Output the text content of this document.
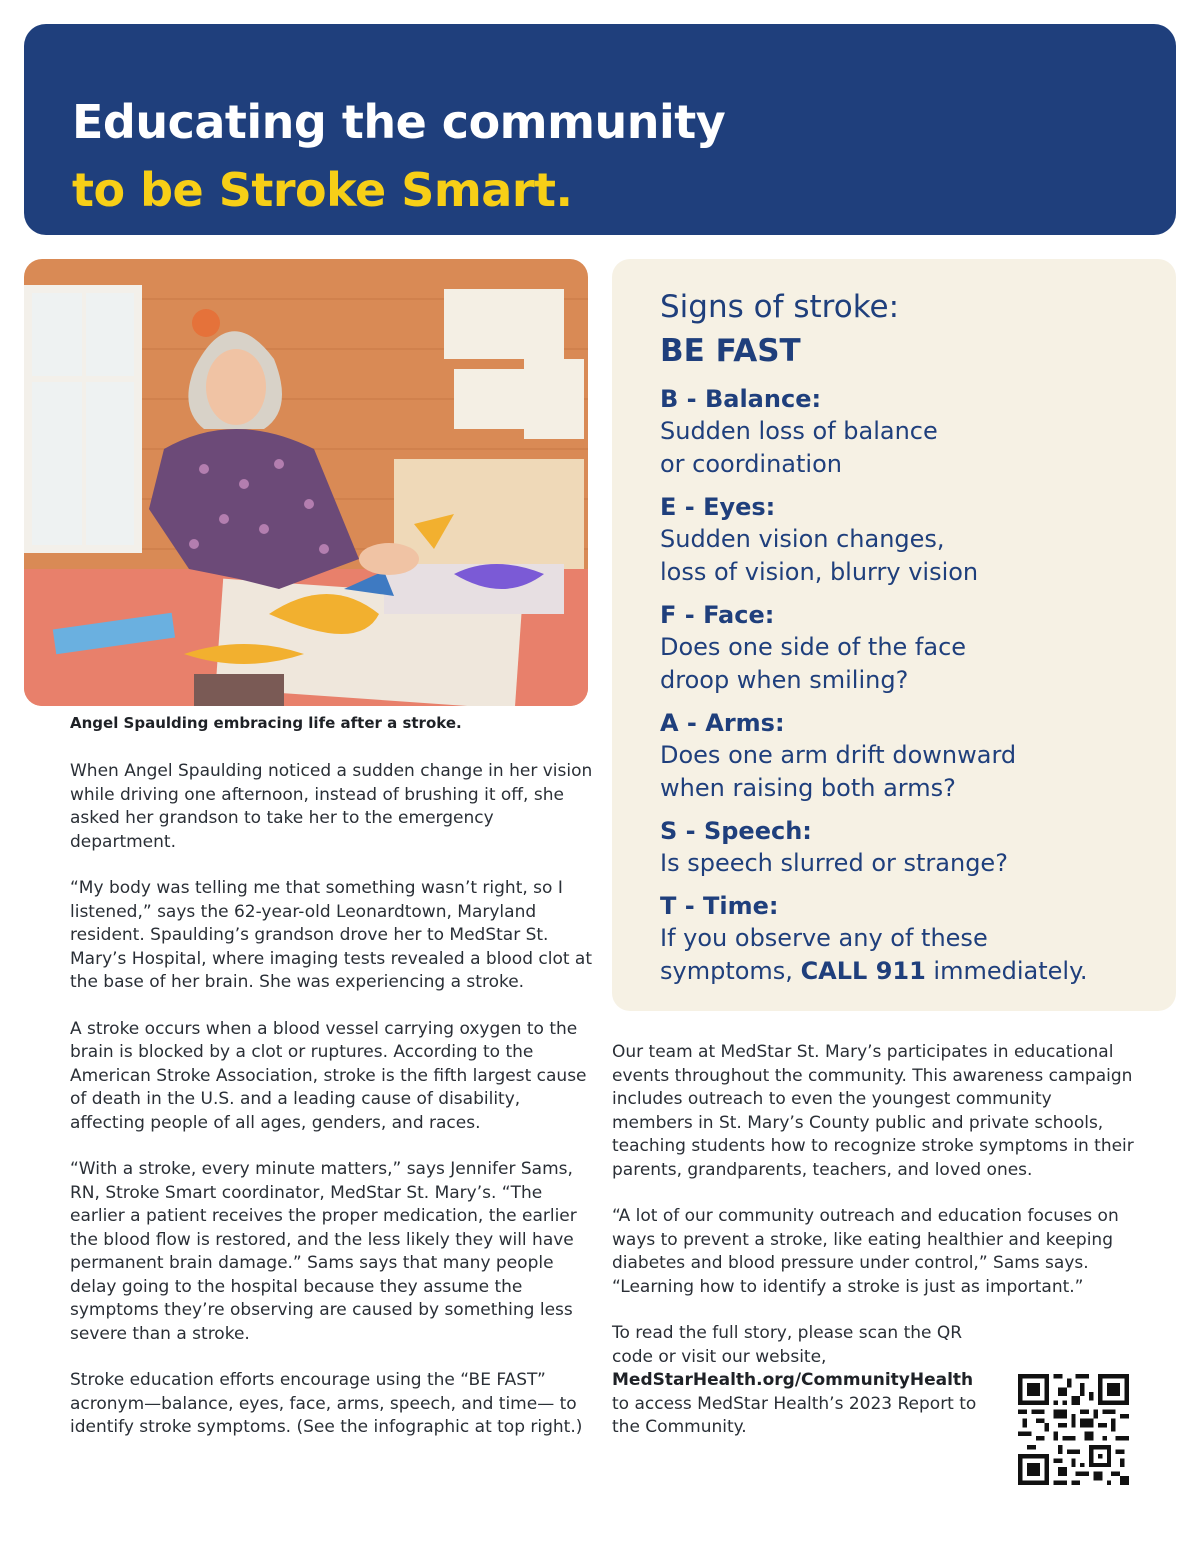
Educating the community
to be Stroke Smart.
Angel Spaulding embracing life after a stroke.
Signs of stroke:
BE FAST
B - Balance:
Sudden loss of balance
or coordination
E - Eyes:
Sudden vision changes,
loss of vision, blurry vision
F - Face:
Does one side of the face
droop when smiling?
A - Arms:
Does one arm drift downward
when raising both arms?
S - Speech:
Is speech slurred or strange?
T - Time:
If you observe any of these
symptoms, CALL 911 immediately.

When Angel Spaulding noticed a sudden change in her vision while driving one afternoon, instead of brushing it off, she asked her grandson to take her to the emergency department.

“My body was telling me that something wasn’t right, so I listened,” says the 62-year-old Leonardtown, Maryland resident. Spaulding’s grandson drove her to MedStar St. Mary’s Hospital, where imaging tests revealed a blood clot at the base of her brain. She was experiencing a stroke.

A stroke occurs when a blood vessel carrying oxygen to the brain is blocked by a clot or ruptures. According to the American Stroke Association, stroke is the fifth largest cause of death in the U.S. and a leading cause of disability, affecting people of all ages, genders, and races.

“With a stroke, every minute matters,” says Jennifer Sams, RN, Stroke Smart coordinator, MedStar St. Mary’s. “The earlier a patient receives the proper medication, the earlier the blood flow is restored, and the less likely they will have permanent brain damage.” Sams says that many people delay going to the hospital because they assume the symptoms they’re observing are caused by something less severe than a stroke.

Stroke education efforts encourage using the “BE FAST” acronym—balance, eyes, face, arms, speech, and time— to identify stroke symptoms. (See the infographic at top right.)

Our team at MedStar St. Mary’s participates in educational events throughout the community. This awareness campaign includes outreach to even the youngest community members in St. Mary’s County public and private schools, teaching students how to recognize stroke symptoms in their parents, grandparents, teachers, and loved ones.

“A lot of our community outreach and education focuses on ways to prevent a stroke, like eating healthier and keeping diabetes and blood pressure under control,” Sams says. “Learning how to identify a stroke is just as important.”

To read the full story, please scan the QR code or visit our website,
MedStarHealth.org/CommunityHealth
to access MedStar Health’s 2023 Report to the Community.
